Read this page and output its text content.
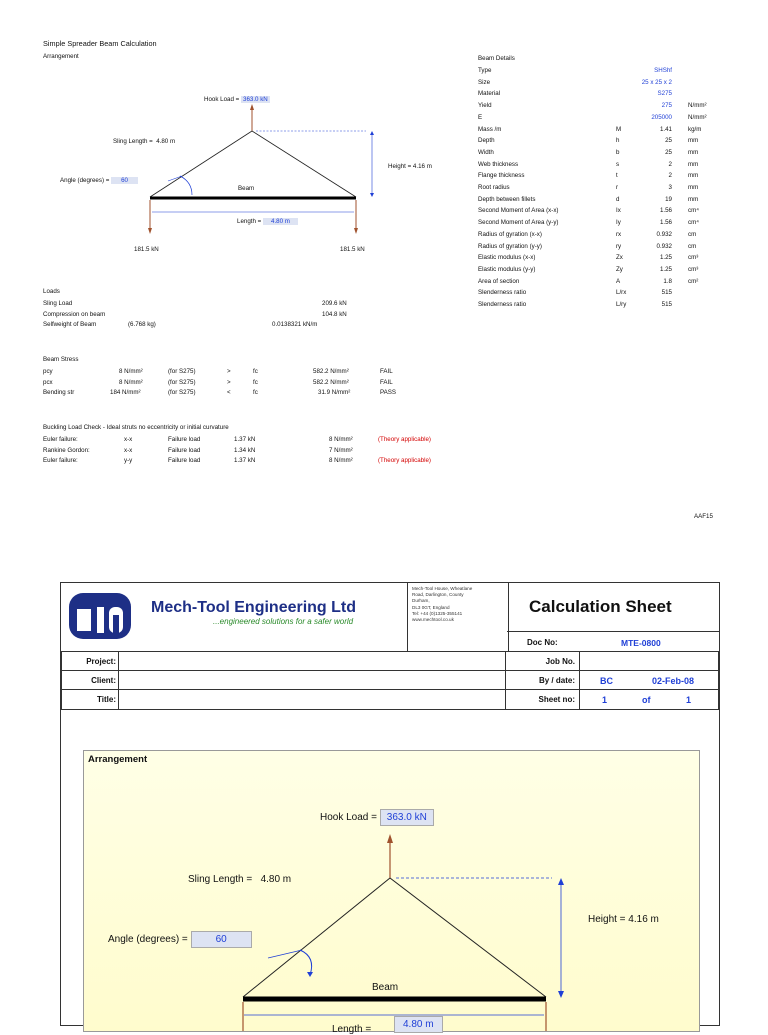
Simple Spreader Beam Calculation
Arrangement
Hook Load = 363.0 kN
Sling Length = 4.80 m
Height = 4.16 m
Angle (degrees) = 60
Beam
Length = 4.80 m
181.5 kN	181.5 kN
Loads
Sling Load	209.6 kN
Compression on beam	104.8 kN
Selfweight of Beam	(6.768 kg)	0.0138321 kN/m
Beam Stress
pcy	8 N/mm²	(for S275)	>	fc	582.2 N/mm²	FAIL
pcx	8 N/mm²	(for S275)	>	fc	582.2 N/mm²	FAIL
Bending str	184 N/mm²	(for S275)	<	fc	31.9 N/mm²	PASS
Buckling Load Check - Ideal struts no eccentricity or initial curvature
Euler failure:	x-x	Failure load	1.37 kN	8 N/mm²	(Theory applicable)
Rankine Gordon:	x-x	Failure load	1.34 kN	7 N/mm²
Euler failure:	y-y	Failure load	1.37 kN	8 N/mm²	(Theory applicable)
Beam Details
Type	SHShf
Size	25 x 25 x 2
Material	S275
Yield	275	N/mm²
E	205000	N/mm²
Mass /m	M	1.41	kg/m
Depth	h	25	mm
Width	b	25	mm
Web thickness	s	2	mm
Flange thickness	t	2	mm
Root radius	r	3	mm
Depth between fillets	d	19	mm
Second Moment of Area (x-x)	Ix	1.56	cm⁴
Second Moment of Area (y-y)	Iy	1.56	cm⁴
Radius of gyration (x-x)	rx	0.932	cm
Radius of gyration (y-y)	ry	0.932	cm
Elastic modulus (x-x)	Zx	1.25	cm³
Elastic modulus (y-y)	Zy	1.25	cm³
Area of section	A	1.8	cm²
Slenderness ratio	L/rx	515
Slenderness ratio	L/ry	515
AAF15
Mech-Tool Engineering Ltd
...engineered solutions for a safer world
Mech-Tool House, Wheatlane
Road, Darlington, County
Durham,
DL3 0GT, England
Tel: +44 (0)1325-355141
www.mechtool.co.uk
Calculation Sheet
Doc No:	MTE-0800
Project:
Client:
Title:
Job No.
By / date:	BC	02-Feb-08
Sheet no:	1	of	1
Arrangement
Hook Load = 363.0 kN
Sling Length = 4.80 m
Height = 4.16 m
Angle (degrees) =	60
Beam
Length =	4.80 m
